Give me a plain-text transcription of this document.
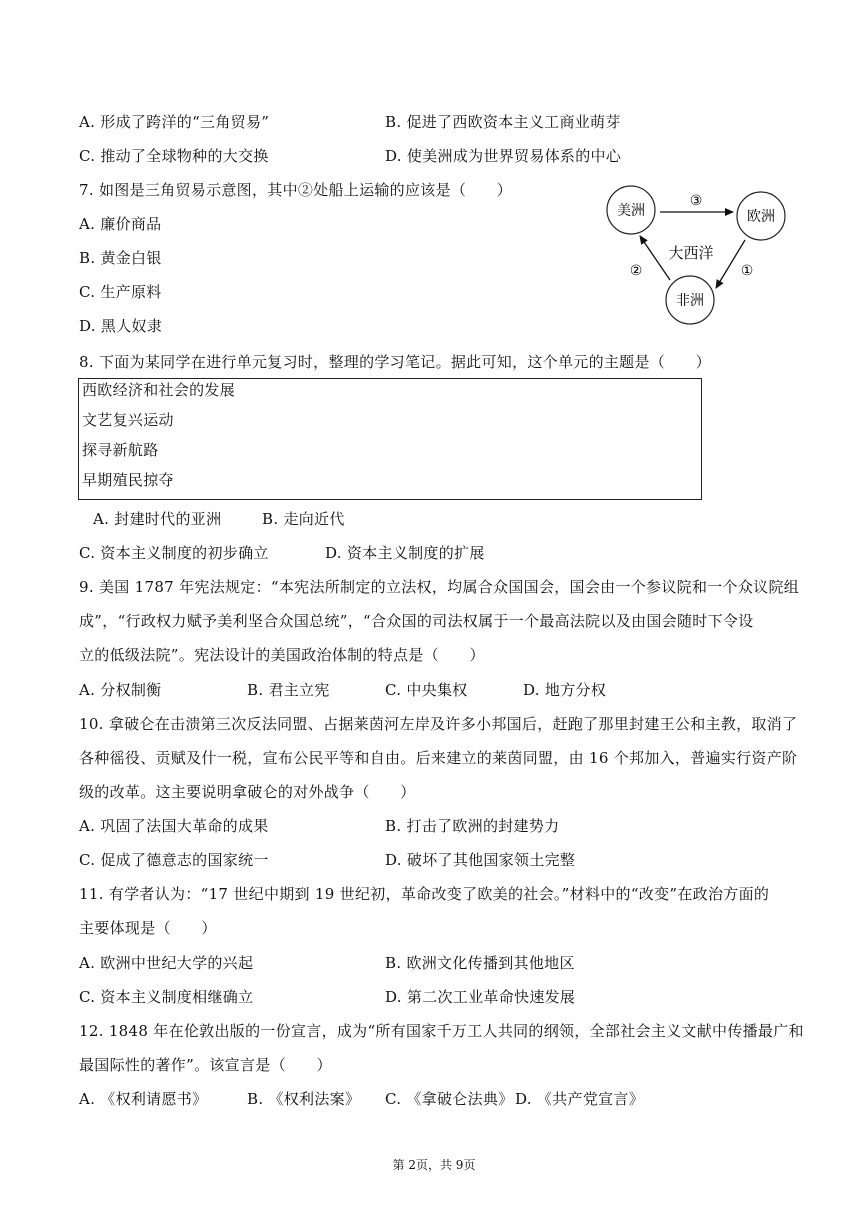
A. 形成了跨洋的“三角贸易”	B. 促进了西欧资本主义工商业萌芽
C. 推动了全球物种的大交换	D. 使美洲成为世界贸易体系的中心
7. 如图是三角贸易示意图，其中②处船上运输的应该是（　　）
A. 廉价商品
B. 黄金白银
C. 生产原料
D. 黑人奴隶
美洲	欧洲
非洲
③
大西洋
②	①
8. 下面为某同学在进行单元复习时，整理的学习笔记。据此可知，这个单元的主题是（　　）
西欧经济和社会的发展
文艺复兴运动
探寻新航路
早期殖民掠夺
A. 封建时代的亚洲	B. 走向近代
C. 资本主义制度的初步确立	D. 资本主义制度的扩展
9. 美国 1787 年宪法规定：“本宪法所制定的立法权，均属合众国国会，国会由一个参议院和一个众议院组
成”，“行政权力赋予美利坚合众国总统”，“合众国的司法权属于一个最高法院以及由国会随时下令设
立的低级法院”。宪法设计的美国政治体制的特点是（　　）
A. 分权制衡	B. 君主立宪	C. 中央集权	D. 地方分权
10. 拿破仑在击溃第三次反法同盟、占据莱茵河左岸及许多小邦国后，赶跑了那里封建王公和主教，取消了
各种徭役、贡赋及什一税，宣布公民平等和自由。后来建立的莱茵同盟，由 16 个邦加入，普遍实行资产阶
级的改革。这主要说明拿破仑的对外战争（　　）
A. 巩固了法国大革命的成果	B. 打击了欧洲的封建势力
C. 促成了德意志的国家统一	D. 破坏了其他国家领土完整
11. 有学者认为：“17 世纪中期到 19 世纪初，革命改变了欧美的社会。”材料中的“改变”在政治方面的
主要体现是（　　）
A. 欧洲中世纪大学的兴起	B. 欧洲文化传播到其他地区
C. 资本主义制度相继确立	D. 第二次工业革命快速发展
12. 1848 年在伦敦出版的一份宣言，成为“所有国家千万工人共同的纲领，全部社会主义文献中传播最广和
最国际性的著作”。该宣言是（　　）
A. 《权利请愿书》	B. 《权利法案》 C. 《拿破仑法典》 D. 《共产党宣言》
第 2页，共 9页
